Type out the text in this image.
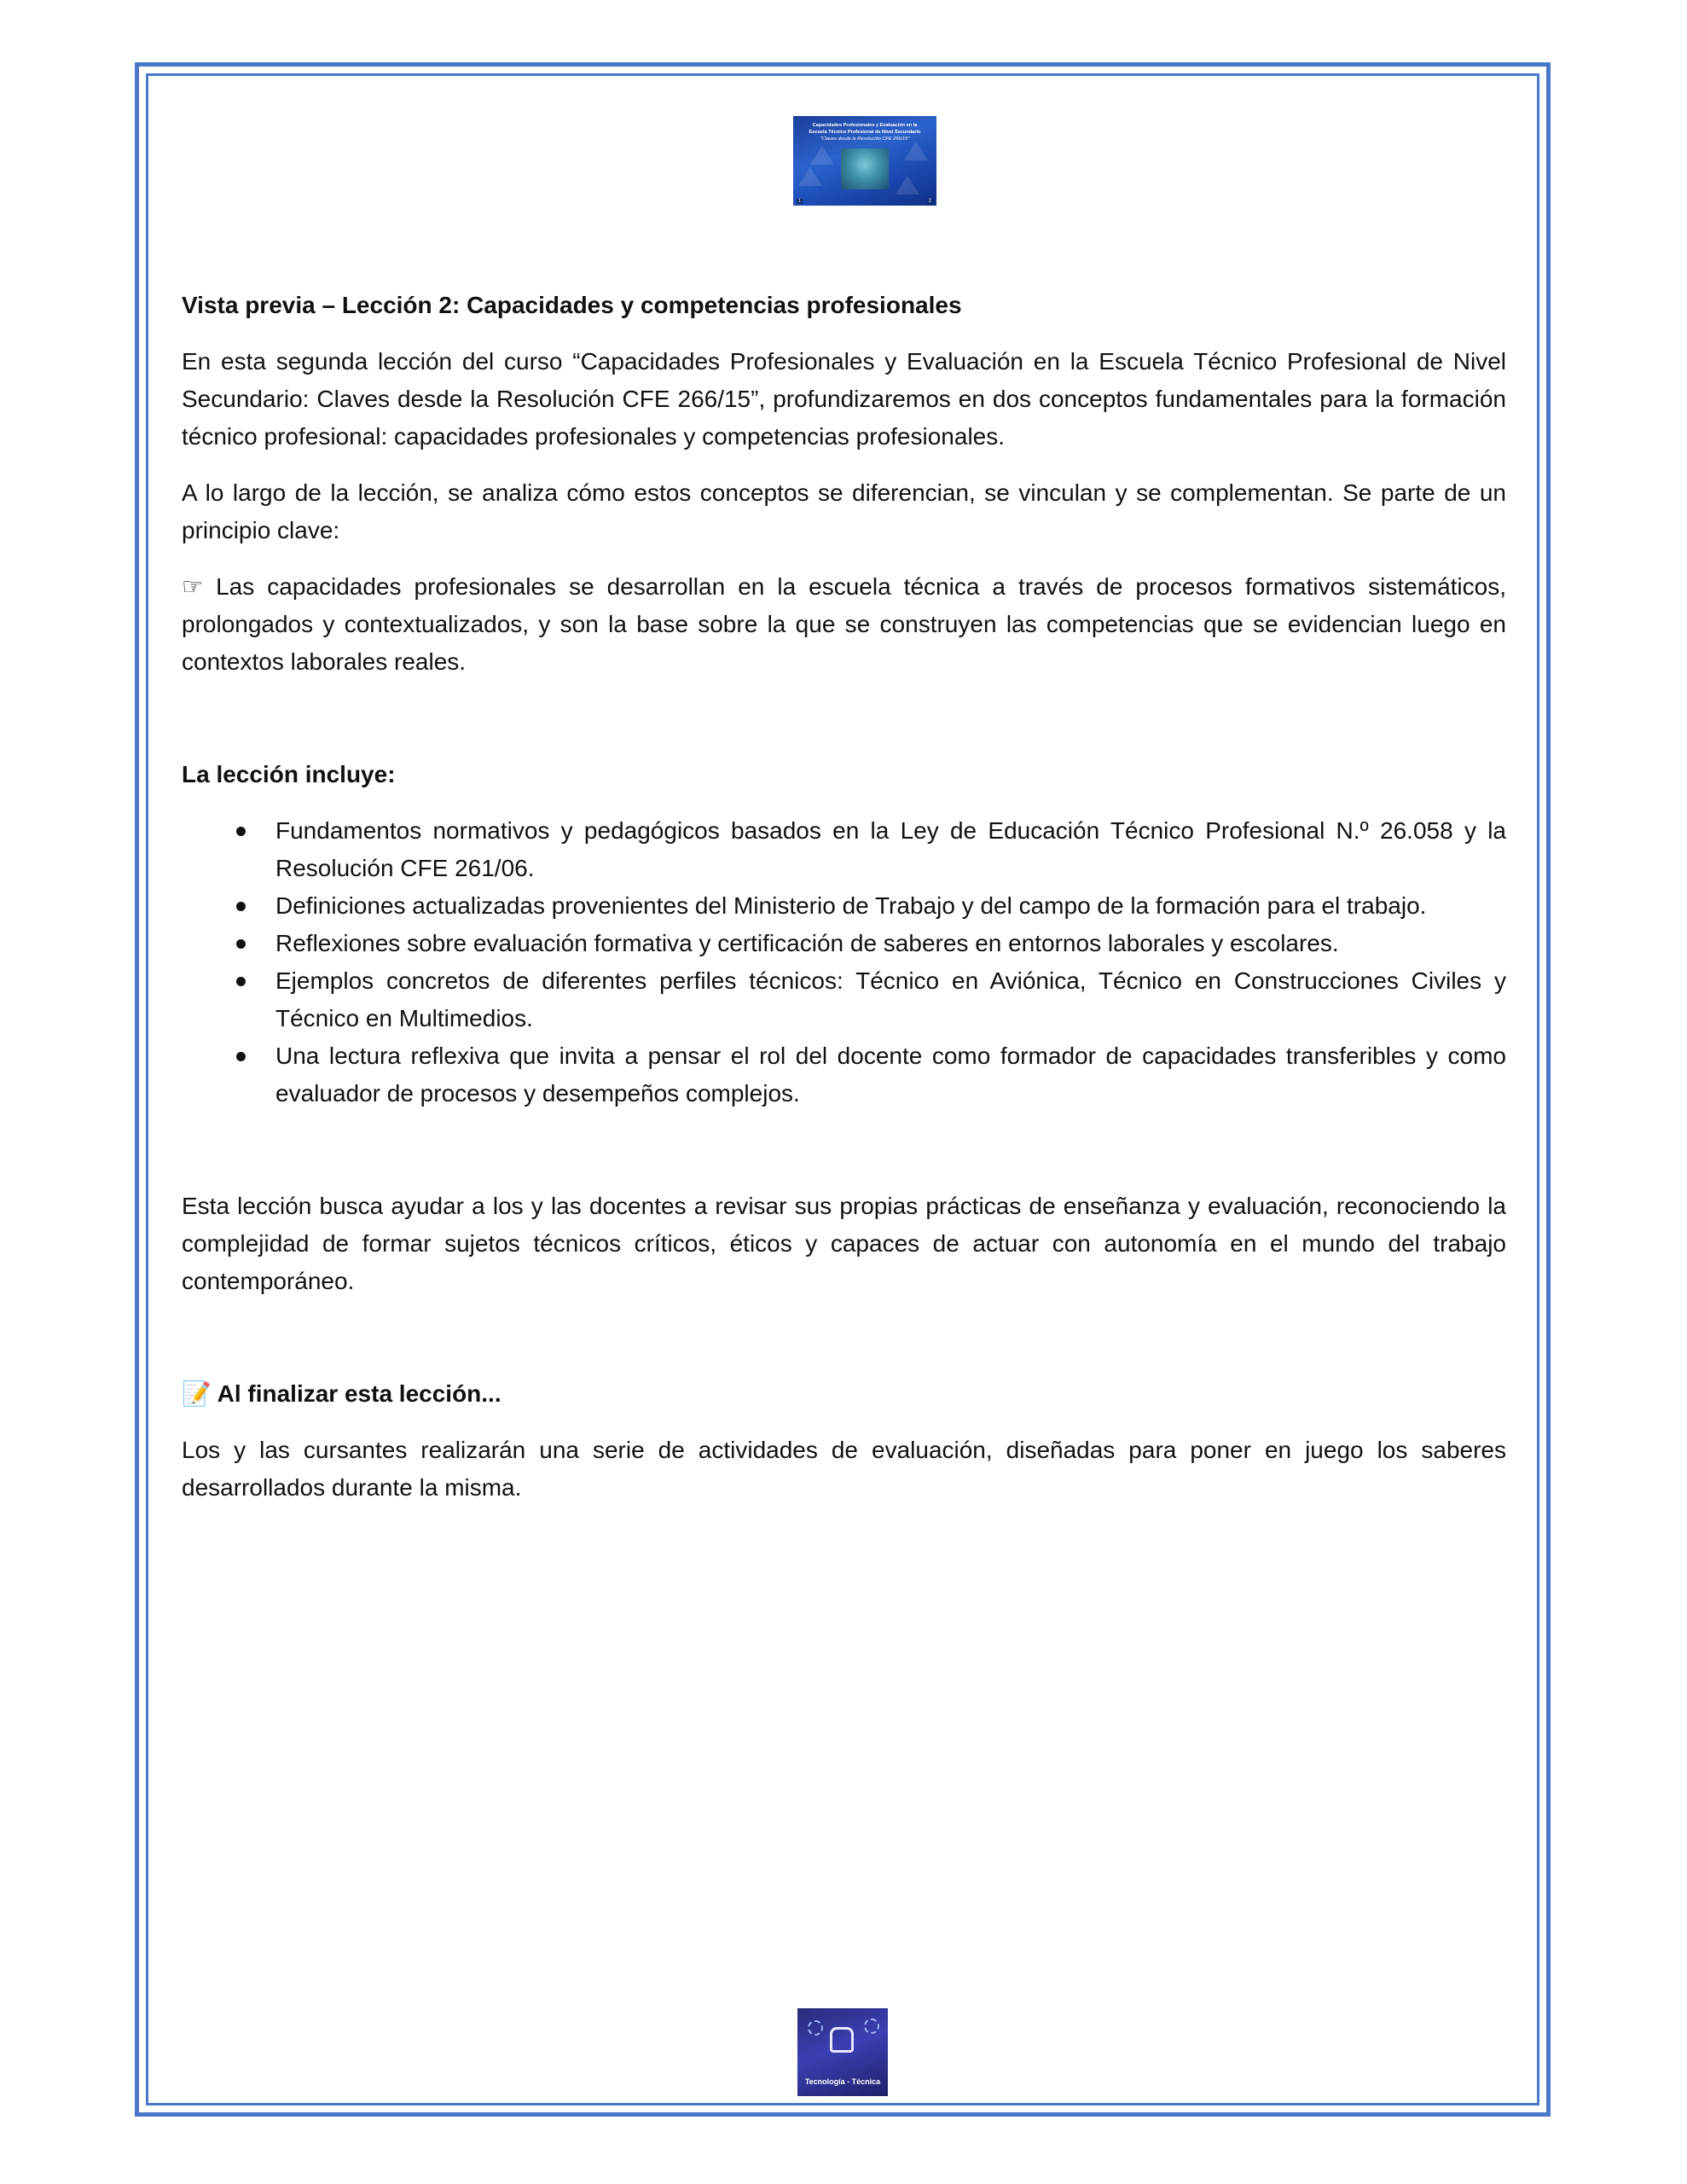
Capacidades Profesionales y Evaluación en la
Escuela Técnico Profesional de Nivel Secundario
"Claves desde la Resolución CFE 266/15"
1	2

Vista previa – Lección 2: Capacidades y competencias profesionales

En esta segunda lección del curso “Capacidades Profesionales y Evaluación en la Escuela Técnico Profesional de Nivel Secundario: Claves desde la Resolución CFE 266/15”, profundizaremos en dos conceptos fundamentales para la formación técnico profesional: capacidades profesionales y competencias profesionales.

A lo largo de la lección, se analiza cómo estos conceptos se diferencian, se vinculan y se complementan. Se parte de un principio clave:

☞ Las capacidades profesionales se desarrollan en la escuela técnica a través de procesos formativos sistemáticos, prolongados y contextualizados, y son la base sobre la que se construyen las competencias que se evidencian luego en contextos laborales reales.

La lección incluye:

Fundamentos normativos y pedagógicos basados en la Ley de Educación Técnico Profesional N.º 26.058 y la Resolución CFE 261/06.
Definiciones actualizadas provenientes del Ministerio de Trabajo y del campo de la formación para el trabajo.
Reflexiones sobre evaluación formativa y certificación de saberes en entornos laborales y escolares.
Ejemplos concretos de diferentes perfiles técnicos: Técnico en Aviónica, Técnico en Construcciones Civiles y Técnico en Multimedios.
Una lectura reflexiva que invita a pensar el rol del docente como formador de capacidades transferibles y como evaluador de procesos y desempeños complejos.

Esta lección busca ayudar a los y las docentes a revisar sus propias prácticas de enseñanza y evaluación, reconociendo la complejidad de formar sujetos técnicos críticos, éticos y capaces de actuar con autonomía en el mundo del trabajo contemporáneo.

📝 Al finalizar esta lección...

Los y las cursantes realizarán una serie de actividades de evaluación, diseñadas para poner en juego los saberes desarrollados durante la misma.

Tecnología - Técnica
